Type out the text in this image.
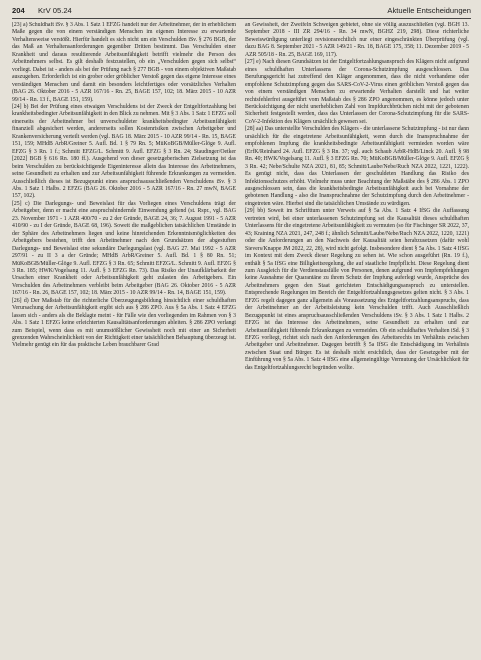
204 KrV 05.24	Aktuelle Entscheidungen

[23] a) Schuldhaft iSv. § 3 Abs. 1 Satz 1 EFZG handelt nur der Arbeitnehmer, der in erheblichem Maße gegen die von einem verständigen Menschen im eigenen Interesse zu erwartende Verhaltensweise verstößt. Hierfür handelt es sich nicht um ein Verschulden iSv. § 276 BGB, der das Maß an Verhaltensanforderungen gegenüber Dritten bestimmt. Das Verschulden einer Krankheit und daraus resultierende Arbeitsunfähigkeit betrifft vielmehr die Person des Arbeitnehmers selbst. Es gilt deshalb festzustellen, ob ein „Verschulden gegen sich selbst“ vorliegt. Dabei ist - anders als bei der Prüfung nach § 277 BGB - von einem objektiven Maßstab auszugehen. Erforderlich ist ein grober oder gröblicher Verstoß gegen das eigene Interesse eines verständigen Menschen und damit ein besonders leichtfertiges oder vorsätzliches Verhalten (BAG 26. Oktober 2016 - 5 AZR 167/16 - Rn. 25, BAGE 157, 102; 18. März 2015 - 10 AZR 99/14 - Rn. 13 f., BAGE 151, 159).

[24] b) Bei der Prüfung eines etwaigen Verschuldens ist der Zweck der Entgeltfortzahlung bei krankheitsbedingter Arbeitsunfähigkeit in den Blick zu nehmen. Mit § 3 Abs. 1 Satz 1 EFZG soll einerseits der Arbeitnehmer bei unverschuldeter krankheitsbedingter Arbeitsunfähigkeit finanziell abgesichert werden, andererseits sollen Kostenrisiken zwischen Arbeitgeber und Krankenversicherung verteilt werden (vgl. BAG 18. März 2015 - 10 AZR 99/14 - Rn. 15, BAGE 151, 159; MHdB ArbR/Greiner 5. Aufl. Bd. 1 § 79 Rn. 5; MüKoBGB/Müller-Glöge 9. Aufl. EFZG § 3 Rn. 1 f.; Schmitt EFZG/L. Schmitt 9. Aufl. EFZG § 3 Rn. 24; Staudinger/Oetker [2022] BGB § 616 Rn. 180 ff.). Ausgehend von dieser gesetzgeberischen Zielsetzung ist das beim Verschulden zu berücksichtigende Eigeninteresse allein das Interesse des Arbeitnehmers, seine Gesundheit zu erhalten und zur Arbeitsunfähigkeit führende Erkrankungen zu vermeiden. Ausschließlich dieses ist Bezugspunkt eines anspruchsausschließenden Verschuldens iSv. § 3 Abs. 1 Satz 1 Halbs. 2 EFZG (BAG 26. Oktober 2016 - 5 AZR 167/16 - Rn. 27 mwN, BAGE 157, 102).

[25] c) Die Darlegungs- und Beweislast für das Vorliegen eines Verschuldens trägt der Arbeitgeber, denn er macht eine anspruchshindernde Einwendung geltend (st. Rspr., vgl. BAG 23. November 1971 - 1 AZR 400/70 - zu 2 der Gründe, BAGE 24, 36; 7. August 1991 - 5 AZR 410/90 - zu I der Gründe, BAGE 68, 196). Soweit die maßgeblichen tatsächlichen Umstände in der Sphäre des Arbeitnehmers liegen und keine hinreichenden Erkenntnismöglichkeiten des Arbeitgebers bestehen, trifft den Arbeitnehmer nach den Grundsätzen der abgestuften Darlegungs- und Beweislast eine sekundäre Darlegungslast (vgl. BAG 27. Mai 1992 - 5 AZR 297/91 - zu II 3 a der Gründe; MHdB ArbR/Greiner 5. Aufl. Bd. 1 § 80 Rn. 51; MüKoBGB/Müller-Glöge 9. Aufl. EFZG § 3 Rn. 65; Schmitt EFZG/L. Schmitt 9. Aufl. EFZG § 3 Rn. 185; HWK/Vogelsang 11. Aufl. § 3 EFZG Rn. 73). Das Risiko der Unaufklärbarkeit der Ursachen einer Krankheit oder Arbeitsunfähigkeit geht zulasten des Arbeitgebers. Ein Verschulden des Arbeitnehmers verbleibt beim Arbeitgeber (BAG 26. Oktober 2016 - 5 AZR 167/16 - Rn. 26, BAGE 157, 102; 18. März 2015 - 10 AZR 99/14 - Rn. 14, BAGE 151, 159).

[26] d) Der Maßstab für die richterliche Überzeugungsbildung hinsichtlich einer schuldhaften Verursachung der Arbeitsunfähigkeit ergibt sich aus § 286 ZPO. Aus § 5a Abs. 1 Satz 4 EFZG lassen sich - anders als die Beklagte meint - für Fälle wie den vorliegenden im Rahmen von § 3 Abs. 1 Satz 1 EFZG keine erleichterten Kausalitätsanforderungen ableiten. § 286 ZPO verlangt zum Beispiel, wenn dass es mit unumstößlicher Gewissheit noch mit einer an Sicherheit grenzenden Wahrscheinlichkeit von der Richtigkeit einer tatsächlichen Behauptung überzeugt ist. Vielmehr genügt ein für das praktische Leben brauchbarer Grad

an Gewissheit, der Zweifeln Schweigen gebietet, ohne sie völlig auszuschließen (vgl. BGH 13. September 2018 - III ZR 294/16 - Rn. 34 mwN, BGHZ 219, 298). Diese richterliche Beweiswürdigung unterliegt revisionsrechtlich nur einer eingeschränkten Überprüfung (vgl. dazu BAG 8. September 2021 - 5 AZR 149/21 - Rn. 18, BAGE 175, 358; 11. Dezember 2019 - 5 AZR 505/18 - Rn. 25, BAGE 169, 117).

[27] e) Nach diesen Grundsätzen ist der Entgeltfortzahlungsanspruch des Klägers nicht aufgrund eines schuldhaften Unterlassens der Corona-Schutzimpfung ausgeschlossen. Das Berufungsgericht hat zutreffend den Kläger angenommen, dass die nicht vorhandene oder empfohlene Schutzimpfung gegen das SARS-CoV-2-Virus einen gröblichen Verstoß gegen das von einem verständigen Menschen zu erwartende Verhalten darstellt und hat weiter rechtsfehlerfrei ausgeführt vom Maßstab des § 286 ZPO angenommen, es könne jedoch unter Berücksichtigung der nicht unerheblichen Zahl von Impfdurchbrüchen nicht mit der gebotenen Sicherheit festgestellt werden, dass das Unterlassen der Corona-Schutzimpfung für die SARS-CoV-2-Infektion des Klägers ursächlich gewesen sei.

[28] aa) Das unterstellte Verschulden des Klägers - die unterlassene Schutzimpfung - ist nur dann ursächlich für die eingetretene Arbeitsunfähigkeit, wenn durch die Inanspruchnahme der empfohlenen Impfung die krankheitsbedingte Arbeitsunfähigkeit vermieden worden wäre (ErfK/Reinhard 24. Aufl. EFZG § 3 Rn. 37; vgl. auch Schaub ArbR-HdB/Linck 20. Aufl. § 98 Rn. 40; HWK/Vogelsang 11. Aufl. § 3 EFZG Rn. 70; MüKoBGB/Müller-Glöge 9. Aufl. EFZG § 3 Rn. 42; Nebe/Schulte NZA 2021, 81, 85; Schmitt/Laube/Nebe/Ruch NZA 2022, 1221, 1222). Es genügt nicht, dass das Unterlassen der geschuldeten Handlung das Risiko des Infektionsschutzes erhöht. Vielmehr muss unter Beachtung der Maßstäbe des § 286 Abs. 1 ZPO ausgeschlossen sein, dass die krankheitsbedingte Arbeitsunfähigkeit auch bei Vornahme der gebotenen Handlung - also die Inanspruchnahme der Schutzimpfung durch den Arbeitnehmer - eingetreten wäre. Hierbei sind die tatsächlichen Umstände zu würdigen.

[29] bb) Soweit im Schrifttum unter Verweis auf § 5a Abs. 1 Satz 4 IfSG die Auffassung vertreten wird, bei einer unterlassenen Schutzimpfung sei die Kausalität dieses schuldhaften Unterlassens für die eingetretene Arbeitsunfähigkeit zu vermuten (so für Fischinger SR 2022, 37, 43; Kraining NZA 2021, 247, 248 f.; ähnlich Schmitt/Laube/Nebe/Ruch NZA 2022, 1220, 1221) oder die Anforderungen an den Nachweis der Kausalität seien herabzusetzen (dafür wohl Sievers/Knappe JM 2022, 22, 28), wird nicht gefolgt. Insbesondere dient § 5a Abs. 1 Satz 4 IfSG im Kontext mit dem Zweck dieser Regelung zu sehen ist. Wie schon ausgeführt (Rn. 19 f.), enthält § 5a IfSG eine Billigkeitsregelung, die auf staatliche Impfpflicht. Diese Regelung dient zum Ausgleich für die Verdienstausfälle von Personen, denen aufgrund von Impfempfehlungen keine Ausnahme der Quarantäne zu ihrem Schutz der Impfung auferlegt wurde, Ansprüche des Arbeitnehmers gegen den Staat gerichteten Entschädigungsanspruch zu unterstellen. Entsprechende Regelungen im Bereich der Entgeltfortzahlungsgesetzes gelten nicht. § 3 Abs. 1 EFZG regelt dagegen ganz allgemein als Voraussetzung des Entgeltfortzahlungsanspruchs, dass der Arbeitnehmer an der Arbeitsleistung kein Verschulden trifft. Auch Ausschließlich Bezugspunkt ist eines anspruchsausschließenden Verschuldens iSv. § 3 Abs. 1 Satz 1 Halbs. 2 EFZG ist das Interesse des Arbeitnehmers, seine Gesundheit zu erhalten und zur Arbeitsunfähigkeit führende Erkrankungen zu vermeiden. Ob ein schuldhaftes Verhalten iSd. § 3 EFZG vorliegt, richtet sich nach den Anforderungen des Arbeitsrechts im Verhältnis zwischen Arbeitgeber und Arbeitnehmer. Dagegen betrifft § 5a IfSG die Entschädigung im Verhältnis zwischen Staat und Bürger. Es ist deshalb nicht ersichtlich, dass der Gesetzgeber mit der Einführung von § 5a Abs. 1 Satz 4 IfSG eine allgemeingültige Vermutung der Ursächlichkeit für das Entgeltfortzahlungsrecht begründen wollte.
